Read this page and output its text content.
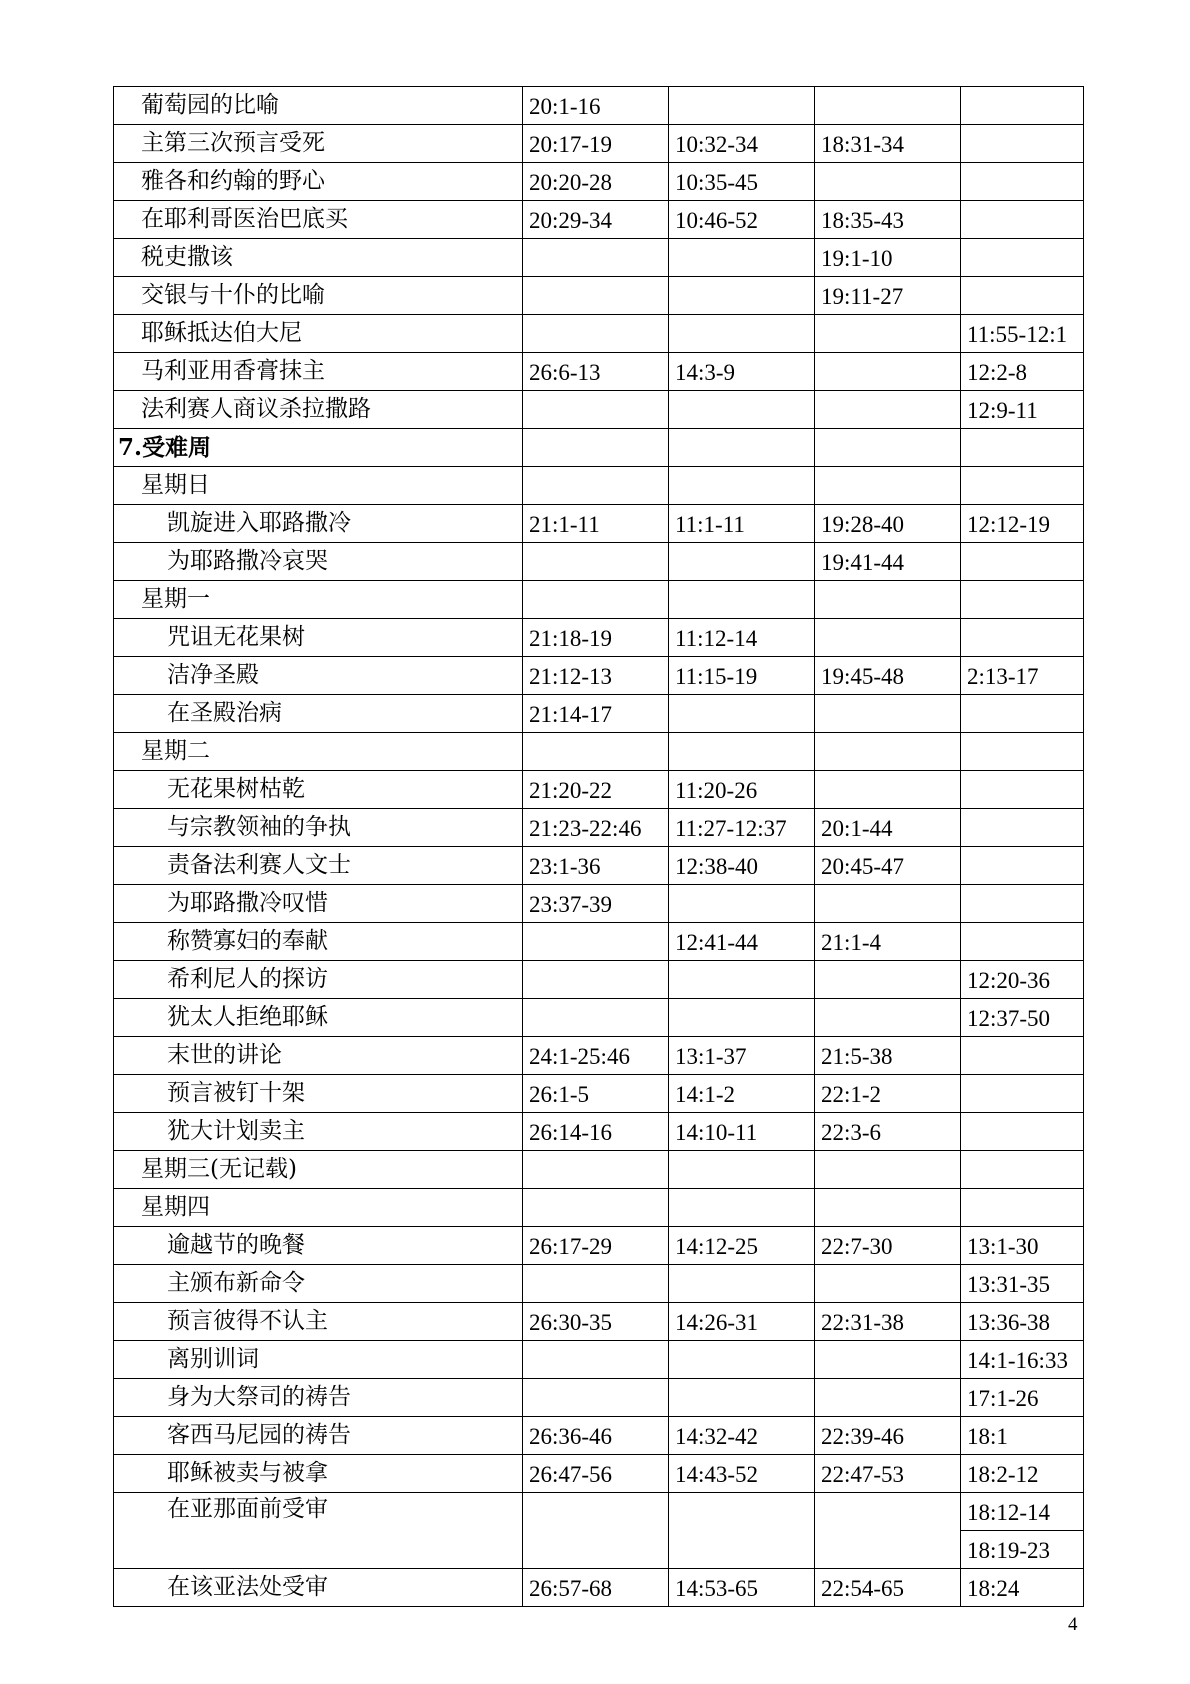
葡萄园的比喻	20:1-16			
主第三次预言受死	20:17-19	10:32-34	18:31-34	
雅各和约翰的野心	20:20-28	10:35-45		
在耶利哥医治巴底买	20:29-34	10:46-52	18:35-43	
税吏撒该			19:1-10	
交银与十仆的比喻			19:11-27	
耶稣抵达伯大尼				11:55-12:1
马利亚用香膏抹主	26:6-13	14:3-9		12:2-8
法利赛人商议杀拉撒路				12:9-11
7.受难周				
星期日				
凯旋进入耶路撒冷	21:1-11	11:1-11	19:28-40	12:12-19
为耶路撒冷哀哭			19:41-44	
星期一				
咒诅无花果树	21:18-19	11:12-14		
洁净圣殿	21:12-13	11:15-19	19:45-48	2:13-17
在圣殿治病	21:14-17			
星期二				
无花果树枯乾	21:20-22	11:20-26		
与宗教领袖的争执	21:23-22:46	11:27-12:37	20:1-44	
责备法利赛人文士	23:1-36	12:38-40	20:45-47	
为耶路撒冷叹惜	23:37-39			
称赞寡妇的奉献		12:41-44	21:1-4	
希利尼人的探访				12:20-36
犹太人拒绝耶稣				12:37-50
末世的讲论	24:1-25:46	13:1-37	21:5-38	
预言被钉十架	26:1-5	14:1-2	22:1-2	
犹大计划卖主	26:14-16	14:10-11	22:3-6	
星期三(无记载)				
星期四				
逾越节的晚餐	26:17-29	14:12-25	22:7-30	13:1-30
主颁布新命令				13:31-35
预言彼得不认主	26:30-35	14:26-31	22:31-38	13:36-38
离别训词				14:1-16:33
身为大祭司的祷告				17:1-26
客西马尼园的祷告	26:36-46	14:32-42	22:39-46	18:1
耶稣被卖与被拿	26:47-56	14:43-52	22:47-53	18:2-12
在亚那面前受审				18:12-14
				18:19-23
在该亚法处受审	26:57-68	14:53-65	22:54-65	18:24
4
